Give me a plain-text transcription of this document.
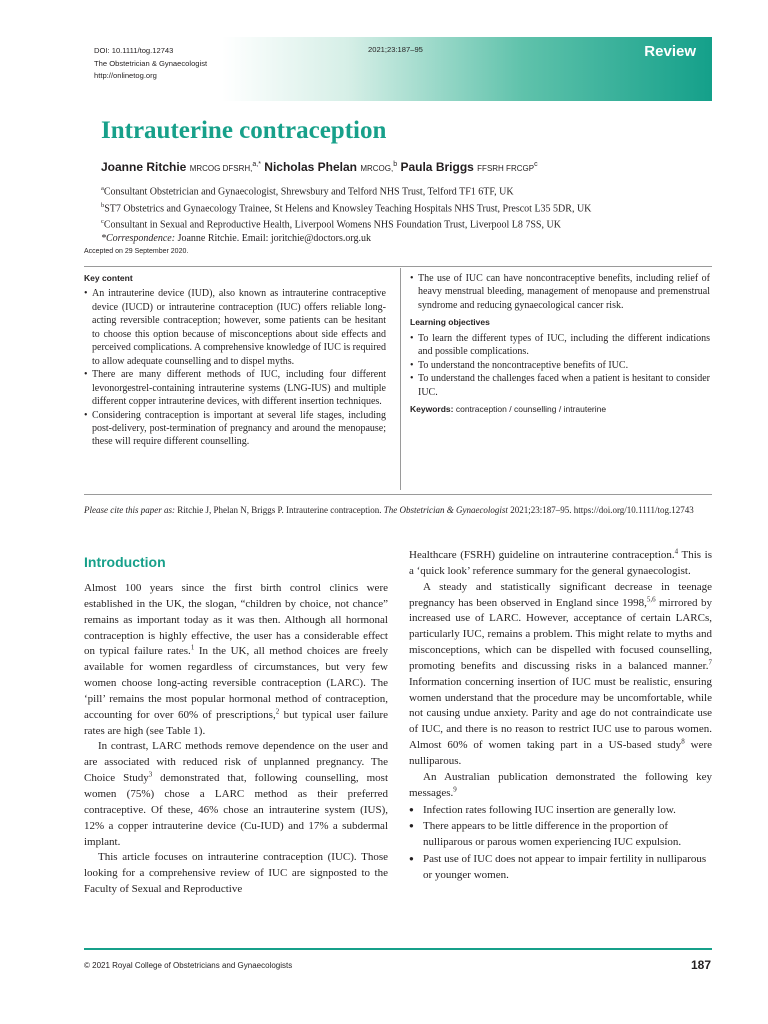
DOI: 10.1111/tog.12743
The Obstetrician & Gynaecologist
http://onlinetog.org
2021;23:187–95	Review
Intrauterine contraception
Joanne Ritchie MRCOG DFSRH,$^{a,*}$ Nicholas Phelan MRCOG,$^b$ Paula Briggs FFSRH FRCGP$^c$
$^a$Consultant Obstetrician and Gynaecologist, Shrewsbury and Telford NHS Trust, Telford TF1 6TF, UK
$^b$ST7 Obstetrics and Gynaecology Trainee, St Helens and Knowsley Teaching Hospitals NHS Trust, Prescot L35 5DR, UK
$^c$Consultant in Sexual and Reproductive Health, Liverpool Womens NHS Foundation Trust, Liverpool L8 7SS, UK
*Correspondence: Joanne Ritchie. Email: joritchie@doctors.org.uk
Accepted on 29 September 2020.
Key content
• An intrauterine device (IUD), also known as intrauterine contraceptive device (IUCD) or intrauterine contraception (IUC) offers reliable long-acting reversible contraception; however, some patients can be hesitant to choose this option because of misconceptions about side effects and perceived complications. A comprehensive knowledge of IUC is required to allow adequate counselling and to dispel myths.
• There are many different methods of IUC, including four different levonorgestrel-containing intrauterine systems (LNG-IUS) and multiple different copper intrauterine devices, with different insertion techniques.
• Considering contraception is important at several life stages, including post-delivery, post-termination of pregnancy and around the menopause; these will require different counselling.
• The use of IUC can have noncontraceptive benefits, including relief of heavy menstrual bleeding, management of menopause and premenstrual syndrome and reducing gynaecological cancer risk.
Learning objectives
• To learn the different types of IUC, including the different indications and possible complications.
• To understand the noncontraceptive benefits of IUC.
• To understand the challenges faced when a patient is hesitant to consider IUC.
Keywords: contraception / counselling / intrauterine
Please cite this paper as: Ritchie J, Phelan N, Briggs P. Intrauterine contraception. The Obstetrician & Gynaecologist 2021;23:187–95. https://doi.org/10.1111/tog.12743
Introduction

Almost 100 years since the first birth control clinics were established in the UK, the slogan, “children by choice, not chance” remains as important today as it was then. Although all hormonal contraception is highly effective, the user has a considerable effect on typical failure rates.$^1$ In the UK, all method choices are freely available for women regardless of circumstances, but very few women choose long-acting reversible contraception (LARC). The ‘pill’ remains the most popular hormonal method of contraception, accounting for over 60% of prescriptions,$^2$ but typical user failure rates are high (see Table 1).

In contrast, LARC methods remove dependence on the user and are associated with reduced risk of unplanned pregnancy. The Choice Study$^3$ demonstrated that, following counselling, most women (75%) chose a LARC method as their preferred contraceptive. Of these, 46% chose an intrauterine system (IUS), 12% a copper intrauterine device (Cu-IUD) and 17% a subdermal implant.

This article focuses on intrauterine contraception (IUC). Those looking for a comprehensive review of IUC are signposted to the Faculty of Sexual and Reproductive

Healthcare (FSRH) guideline on intrauterine contraception.$^4$ This is a ‘quick look’ reference summary for the general gynaecologist.

A steady and statistically significant decrease in teenage pregnancy has been observed in England since 1998,$^{5,6}$ mirrored by increased use of LARC. However, acceptance of certain LARCs, particularly IUC, remains a problem. This might relate to myths and misconceptions, which can be dispelled with focused counselling, promoting benefits and discussing risks in a balanced manner.$^7$ Information concerning insertion of IUC must be realistic, ensuring women understand that the procedure may be uncomfortable, while not causing undue anxiety. Parity and age do not contraindicate use of IUC, and there is no reason to restrict IUC use to parous women. Almost 60% of women taking part in a US-based study$^8$ were nulliparous.

An Australian publication demonstrated the following key messages.$^9$

● Infection rates following IUC insertion are generally low.
● There appears to be little difference in the proportion of nulliparous or parous women experiencing IUC expulsion.
● Past use of IUC does not appear to impair fertility in nulliparous or younger women.
© 2021 Royal College of Obstetricians and Gynaecologists	187
